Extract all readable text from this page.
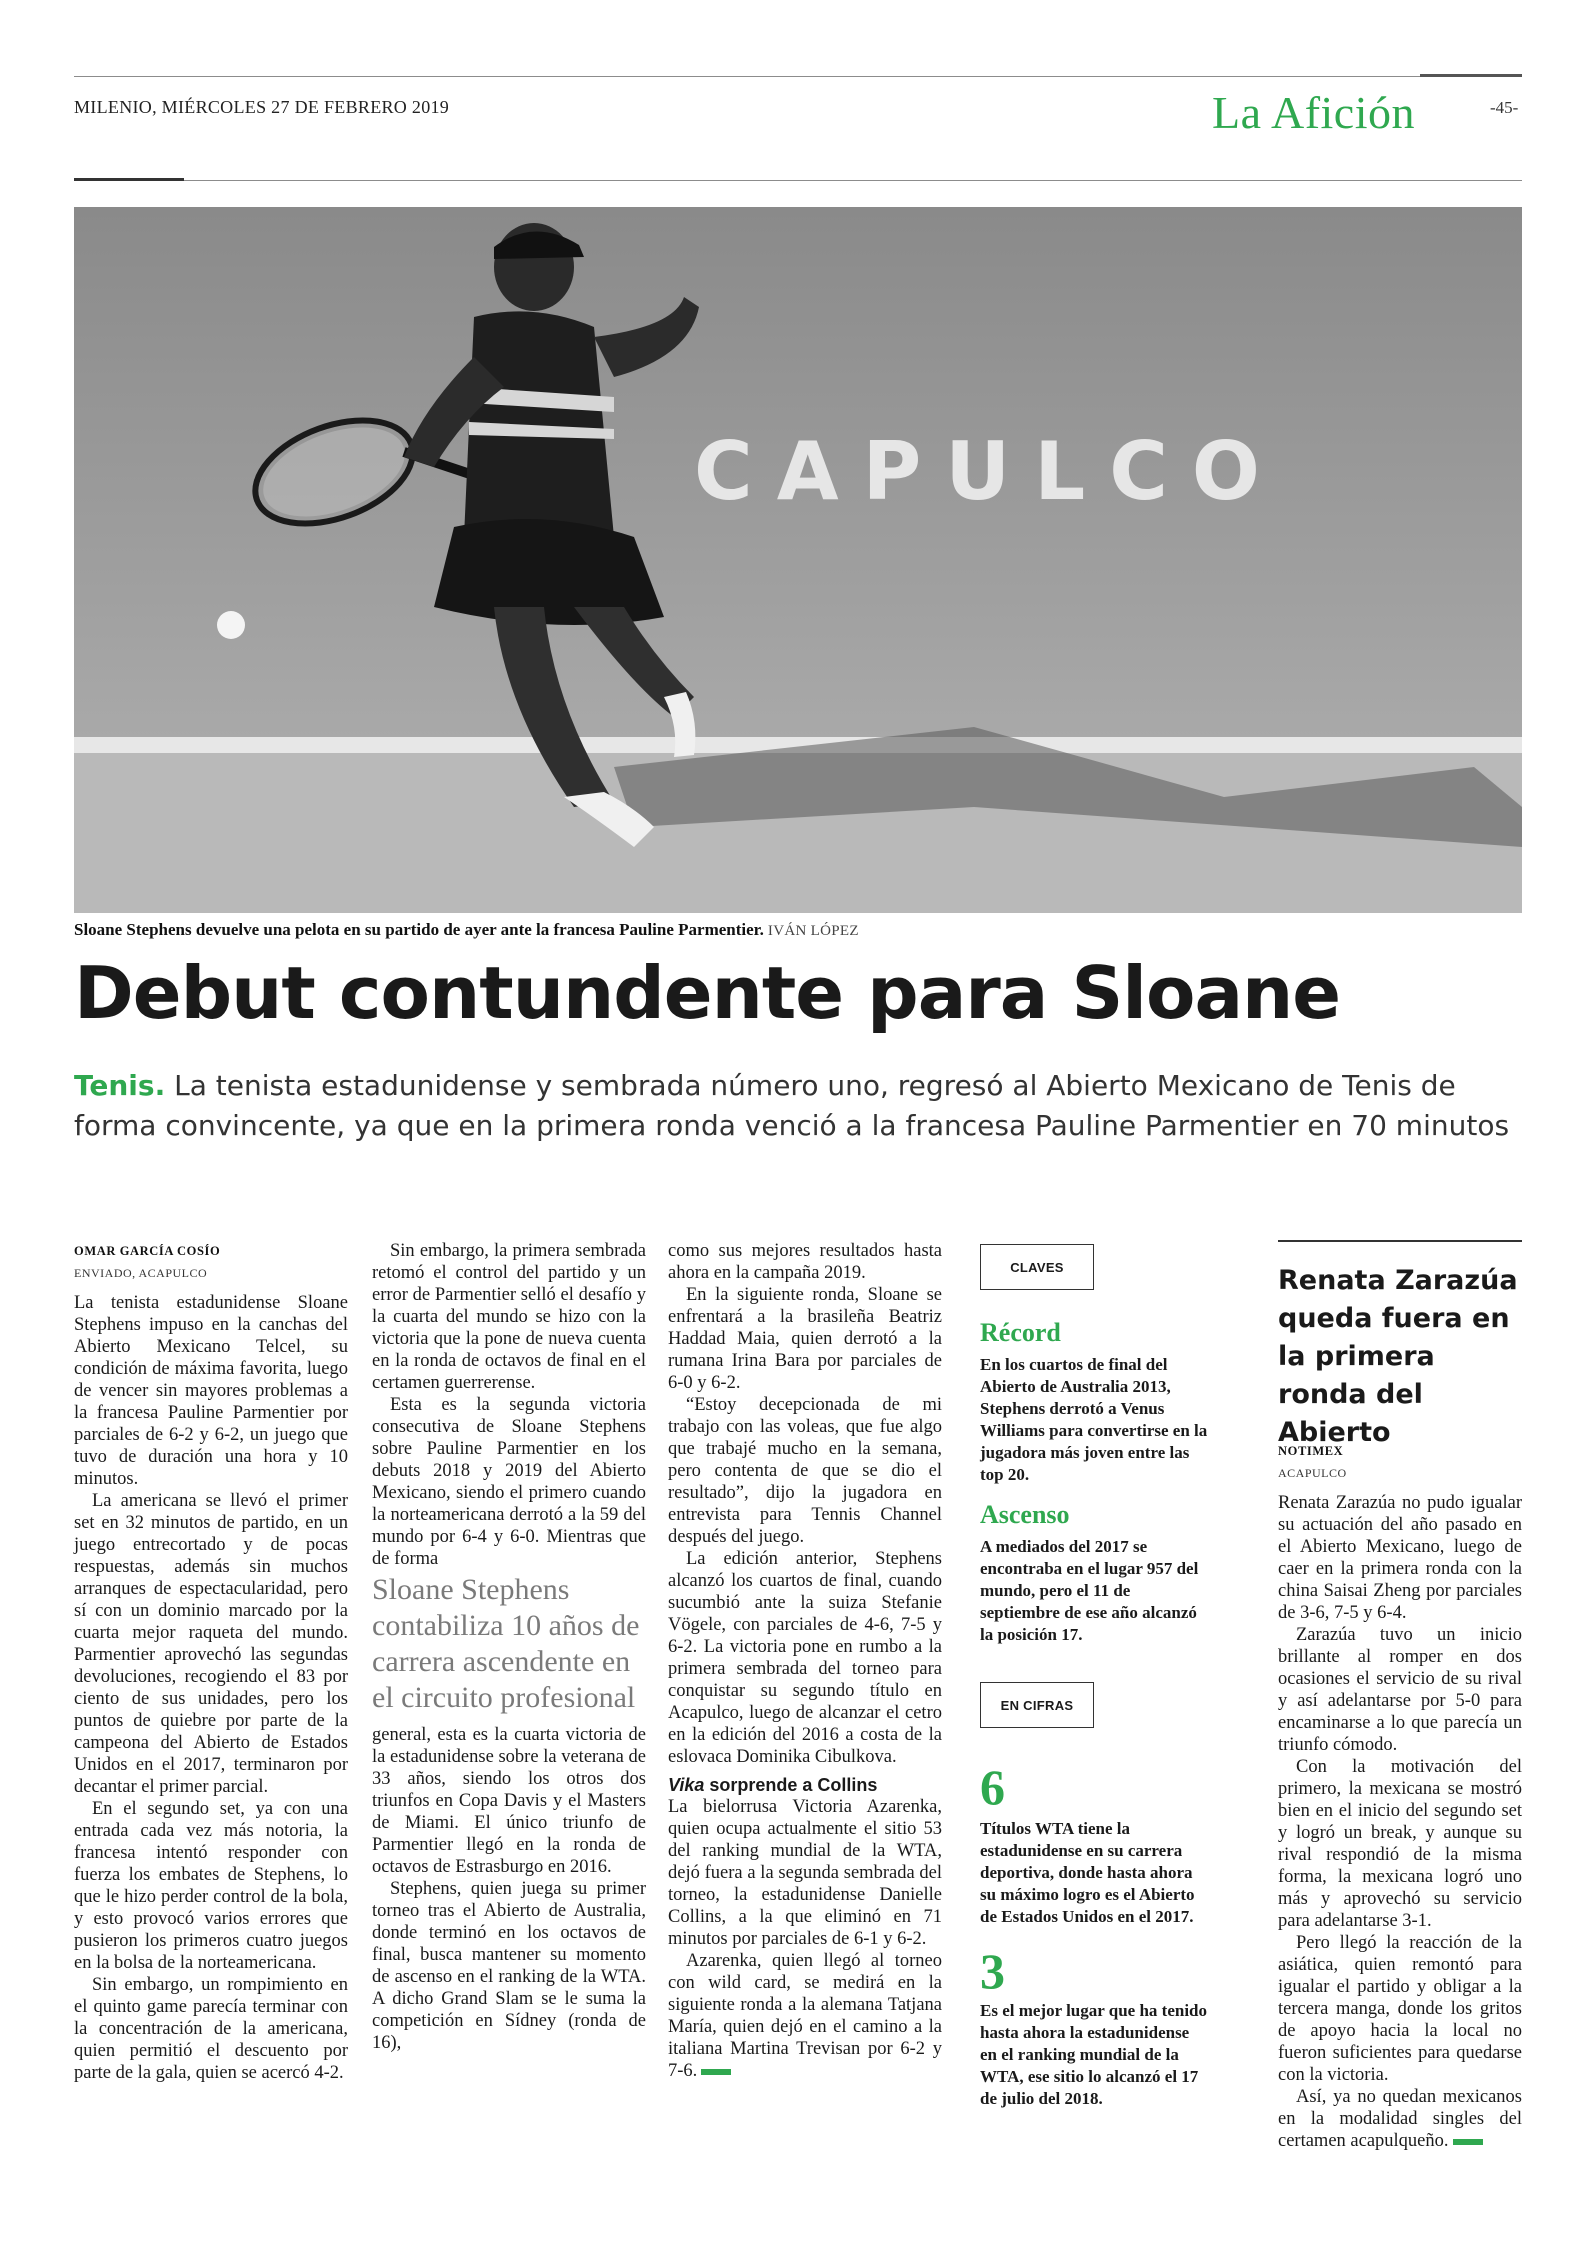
MILENIO, MIÉRCOLES 27 DE FEBRERO 2019	La Afición	-45-
CAPULCO
Sloane Stephens devuelve una pelota en su partido de ayer ante la francesa Pauline Parmentier. IVÁN LÓPEZ
Debut contundente para Sloane
Tenis. La tenista estadunidense y sembrada número uno, regresó al Abierto Mexicano de Tenis de
forma convincente, ya que en la primera ronda venció a la francesa Pauline Parmentier en 70 minutos
OMAR GARCÍA COSÍO
ENVIADO, ACAPULCO

La tenista estadunidense Sloane Stephens impuso en la canchas del Abierto Mexicano Telcel, su condición de máxima favorita, luego de vencer sin mayores problemas a la francesa Pauline Parmentier por parciales de 6-2 y 6-2, un juego que tuvo de duración una hora y 10 minutos.

La americana se llevó el primer set en 32 minutos de partido, en un juego entrecortado y de pocas respuestas, además sin muchos arranques de espectacularidad, pero sí con un dominio marcado por la cuarta mejor raqueta del mundo. Parmentier aprovechó las segundas devoluciones, recogiendo el 83 por ciento de sus unidades, pero los puntos de quiebre por parte de la campeona del Abierto de Estados Unidos en el 2017, terminaron por decantar el primer parcial.

En el segundo set, ya con una entrada cada vez más notoria, la francesa intentó responder con fuerza los embates de Stephens, lo que le hizo perder control de la bola, y esto provocó varios errores que pusieron los primeros cuatro juegos en la bolsa de la norteamericana.

Sin embargo, un rompimiento en el quinto game parecía terminar con la concentración de la americana, quien permitió el descuento por parte de la gala, quien se acercó 4-2.

Sin embargo, la primera sembrada retomó el control del partido y un error de Parmentier selló el desafío y la cuarta del mundo se hizo con la victoria que la pone de nueva cuenta en la ronda de octavos de final en el certamen guerrerense.

Esta es la segunda victoria consecutiva de Sloane Stephens sobre Pauline Parmentier en los debuts 2018 y 2019 del Abierto Mexicano, siendo el primero cuando la norteamericana derrotó a la 59 del mundo por 6-4 y 6-0. Mientras que de forma

Sloane Stephens contabiliza 10 años de carrera ascendente en el circuito profesional

general, esta es la cuarta victoria de la estadunidense sobre la veterana de 33 años, siendo los otros dos triunfos en Copa Davis y el Masters de Miami. El único triunfo de Parmentier llegó en la ronda de octavos de Estrasburgo en 2016.

Stephens, quien juega su primer torneo tras el Abierto de Australia, donde terminó en los octavos de final, busca mantener su momento de ascenso en el ranking de la WTA. A dicho Grand Slam se le suma la competición en Sídney (ronda de 16),

como sus mejores resultados hasta ahora en la campaña 2019.

En la siguiente ronda, Sloane se enfrentará a la brasileña Beatriz Haddad Maia, quien derrotó a la rumana Irina Bara por parciales de 6-0 y 6-2.

“Estoy decepcionada de mi trabajo con las voleas, que fue algo que trabajé mucho en la semana, pero contenta de que se dio el resultado”, dijo la jugadora en entrevista para Tennis Channel después del juego.

La edición anterior, Stephens alcanzó los cuartos de final, cuando sucumbió ante la suiza Stefanie Vögele, con parciales de 4-6, 7-5 y 6-2. La victoria pone en rumbo a la primera sembrada del torneo para conquistar su segundo título en Acapulco, luego de alcanzar el cetro en la edición del 2016 a costa de la eslovaca Dominika Cibulkova.

Vika sorprende a Collins

La bielorrusa Victoria Azarenka, quien ocupa actualmente el sitio 53 del ranking mundial de la WTA, dejó fuera a la segunda sembrada del torneo, la estadunidense Danielle Collins, a la que eliminó en 71 minutos por parciales de 6-1 y 6-2.

Azarenka, quien llegó al torneo con wild card, se medirá en la siguiente ronda a la alemana Tatjana María, quien dejó en el camino a la italiana Martina Trevisan por 6-2 y 7-6.

CLAVES
Récord
En los cuartos de final del Abierto de Australia 2013, Stephens derrotó a Venus Williams para convertirse en la jugadora más joven entre las top 20.
Ascenso
A mediados del 2017 se encontraba en el lugar 957 del mundo, pero el 11 de septiembre de ese año alcanzó la posición 17.
EN CIFRAS
6
Títulos WTA tiene la estadunidense en su carrera deportiva, donde hasta ahora su máximo logro es el Abierto de Estados Unidos en el 2017.
3
Es el mejor lugar que ha tenido hasta ahora la estadunidense en el ranking mundial de la WTA, ese sitio lo alcanzó el 17 de julio del 2018.
Renata Zarazúa queda fuera en la primera ronda del Abierto
NOTIMEX
ACAPULCO

Renata Zarazúa no pudo igualar su actuación del año pasado en el Abierto Mexicano, luego de caer en la primera ronda con la china Saisai Zheng por parciales de 3-6, 7-5 y 6-4.

Zarazúa tuvo un inicio brillante al romper en dos ocasiones el servicio de su rival y así adelantarse por 5-0 para encaminarse a lo que parecía un triunfo cómodo.

Con la motivación del primero, la mexicana se mostró bien en el inicio del segundo set y logró un break, y aunque su rival respondió de la misma forma, la mexicana logró uno más y aprovechó su servicio para adelantarse 3-1.

Pero llegó la reacción de la asiática, quien remontó para igualar el partido y obligar a la tercera manga, donde los gritos de apoyo hacia la local no fueron suficientes para quedarse con la victoria.

Así, ya no quedan mexicanos en la modalidad singles del certamen acapulqueño.
